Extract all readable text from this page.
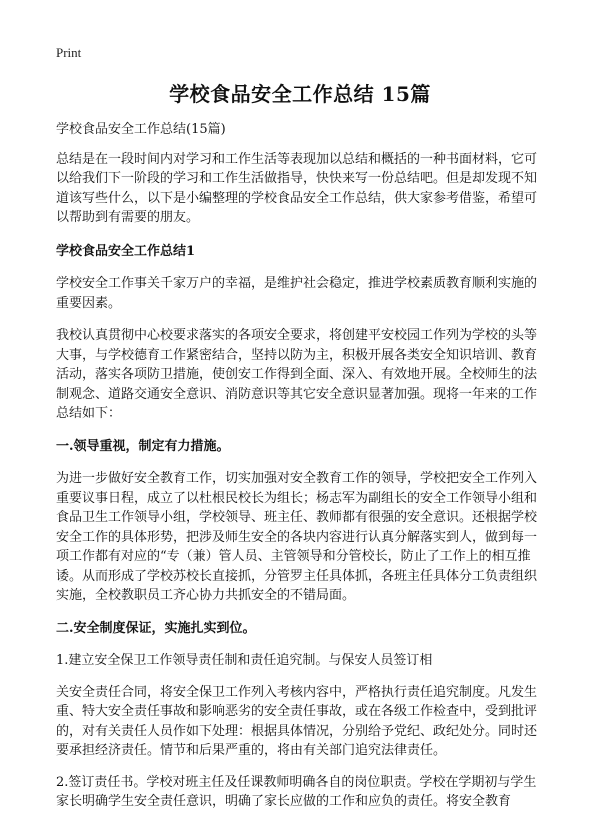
Print
学校食品安全工作总结 15篇

学校食品安全工作总结(15篇)

总结是在一段时间内对学习和工作生活等表现加以总结和概括的一种书面材料，它可以给我们下一阶段的学习和工作生活做指导，快快来写一份总结吧。但是却发现不知道该写些什么，以下是小编整理的学校食品安全工作总结，供大家参考借鉴，希望可以帮助到有需要的朋友。

学校食品安全工作总结1

学校安全工作事关千家万户的幸福，是维护社会稳定，推进学校素质教育顺利实施的重要因素。

我校认真贯彻中心校要求落实的各项安全要求，将创建平安校园工作列为学校的头等大事，与学校德育工作紧密结合，坚持以防为主，积极开展各类安全知识培训、教育活动，落实各项防卫措施，使创安工作得到全面、深入、有效地开展。全校师生的法制观念、道路交通安全意识、消防意识等其它安全意识显著加强。现将一年来的工作总结如下：

一.领导重视，制定有力措施。

为进一步做好安全教育工作，切实加强对安全教育工作的领导，学校把安全工作列入重要议事日程，成立了以杜根民校长为组长；杨志军为副组长的安全工作领导小组和食品卫生工作领导小组，学校领导、班主任、教师都有很强的安全意识。还根据学校安全工作的具体形势，把涉及师生安全的各块内容进行认真分解落实到人，做到每一项工作都有对应的“专（兼）管人员、主管领导和分管校长，防止了工作上的相互推诿。从而形成了学校苏校长直接抓，分管罗主任具体抓，各班主任具体分工负责组织实施，全校教职员工齐心协力共抓安全的不错局面。

二.安全制度保证，实施扎实到位。

1.建立安全保卫工作领导责任制和责任追究制。与保安人员签订相

关安全责任合同，将安全保卫工作列入考核内容中，严格执行责任追究制度。凡发生重、特大安全责任事故和影响恶劣的安全责任事故，或在各级工作检查中，受到批评的，对有关责任人员作如下处理：根据具体情况，分别给予党纪、政纪处分。同时还要承担经济责任。情节和后果严重的，将由有关部门追究法律责任。

2.签订责任书。学校对班主任及任课教师明确各自的岗位职责。学校在学期初与学生家长明确学生安全责任意识，明确了家长应做的工作和应负的责任。将安全教育
